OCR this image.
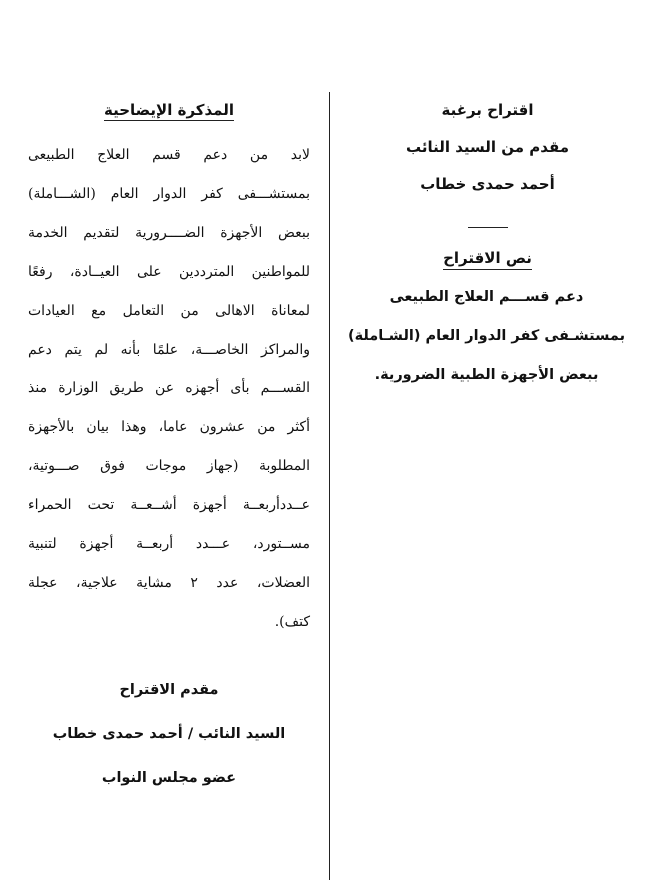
اقتراح برغبة

مقدم من السيد النائب

أحمد حمدى خطاب

نص الاقتراح
دعم قســـم العلاج الطبيعى
بمستشـفى كفر الدوار العام (الشـاملة)
ببعض الأجهزة الطبية الضرورية.

المذكرة الإيضاحية

لابد من دعم قسم العلاج الطبيعى
بمستشـــفى كفر الدوار العام (الشـــاملة)
ببعض الأجهزة الضــــرورية لتقديم الخدمة
للمواطنين المترددين على العيــادة، رفعًا
لمعاناة الاهالى من التعامل مع العيادات
والمراكز الخاصـــة، علمًا بأنه لم يتم دعم
القســـم بأى أجهزه عن طريق الوزارة منذ
أكثر من عشرون عاما، وهذا بيان بالأجهزة
المطلوبة (جهاز موجات فوق صـــوتية،
عــددأربعــة أجهزة أشــعــة تحت الحمراء
مســتورد، عـــدد أربعــة أجهزة لتنبية
العضلات، عدد ٢ مشاية علاجية، عجلة
كتف).
مقدم الاقتراح
السيد النائب / أحمد حمدى خطاب
عضو مجلس النواب
